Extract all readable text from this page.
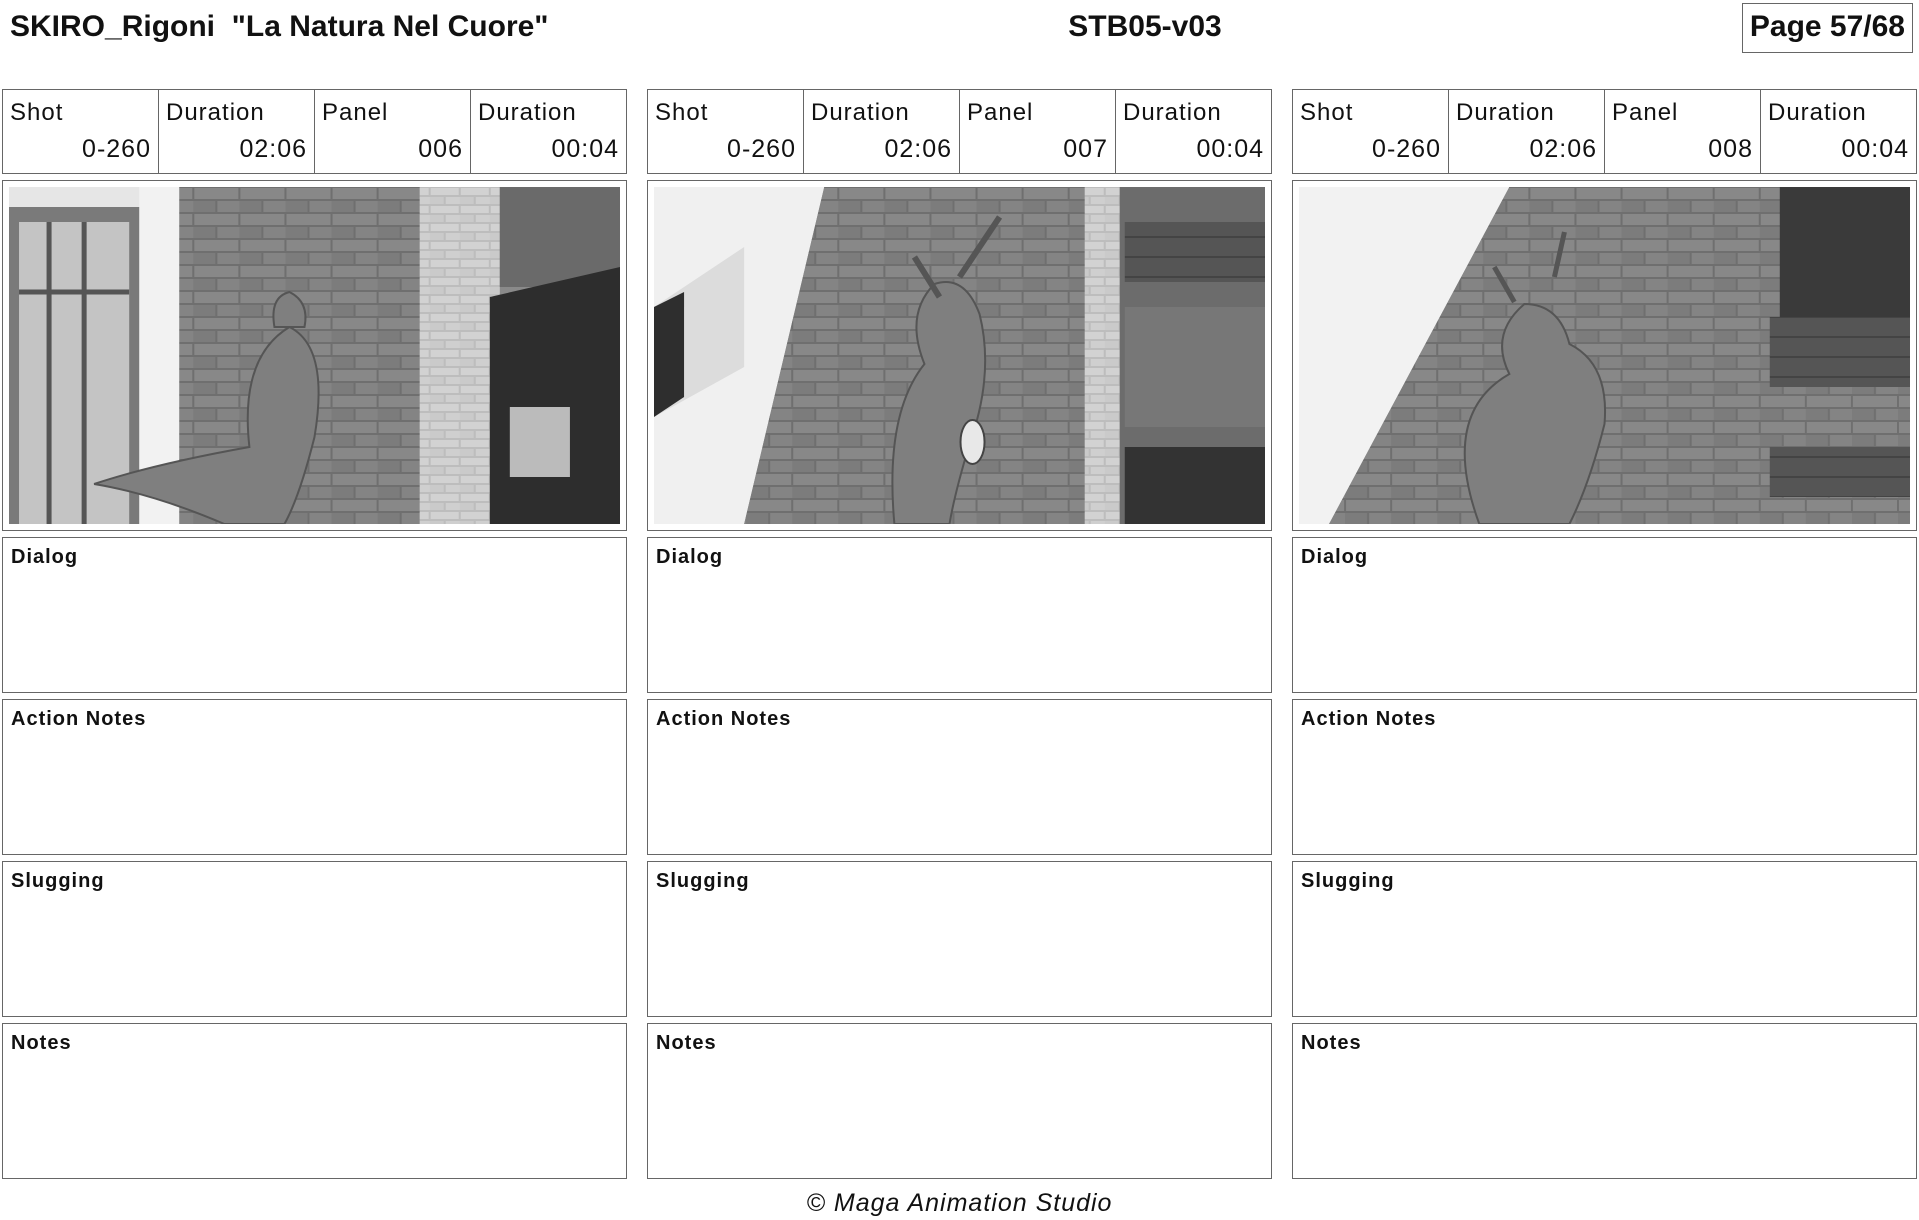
SKIRO_Rigoni  "La Natura Nel Cuore"	STB05-v03	Page 57/68
Shot
0-260
Duration
02:06
Panel
006
Duration
00:04
Dialog
Action Notes
Slugging
Notes
Shot
0-260
Duration
02:06
Panel
007
Duration
00:04
Dialog
Action Notes
Slugging
Notes
Shot
0-260
Duration
02:06
Panel
008
Duration
00:04
Dialog
Action Notes
Slugging
Notes
© Maga Animation Studio
